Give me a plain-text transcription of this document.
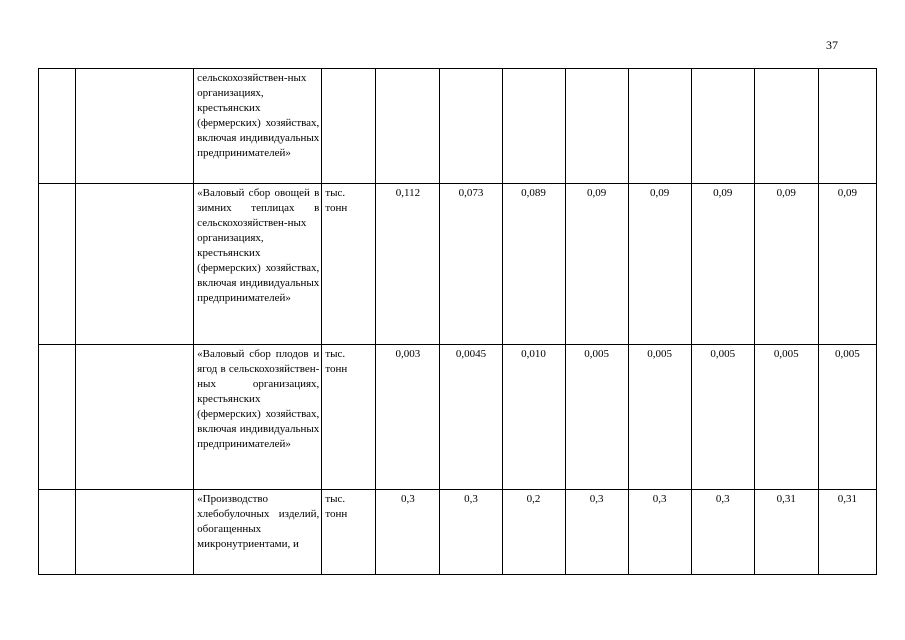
37
		сельскохозяйствен-ных организациях, крестьянских (фермерских) хозяйствах, включая индивидуальных предпринимателей»	

		«Валовый сбор овощей в зимних теплицах в сельскохозяйствен-ных организациях, крестьянских (фермерских) хозяйствах, включая индивидуальных предпринимателей»	тыс.
тонн	0,112	0,073	0,089	0,09	0,09	0,09	0,09	0,09
		«Валовый сбор плодов и ягод в сельскохозяйствен-ных организациях, крестьянских (фермерских) хозяйствах, включая индивидуальных предпринимателей»	тыс.
тонн	0,003	0,0045	0,010	0,005	0,005	0,005	0,005	0,005
		«Производство хлебобулочных изделий, обогащенных микронутриентами, и	тыс.
тонн	0,3	0,3	0,2	0,3	0,3	0,3	0,31	0,31
